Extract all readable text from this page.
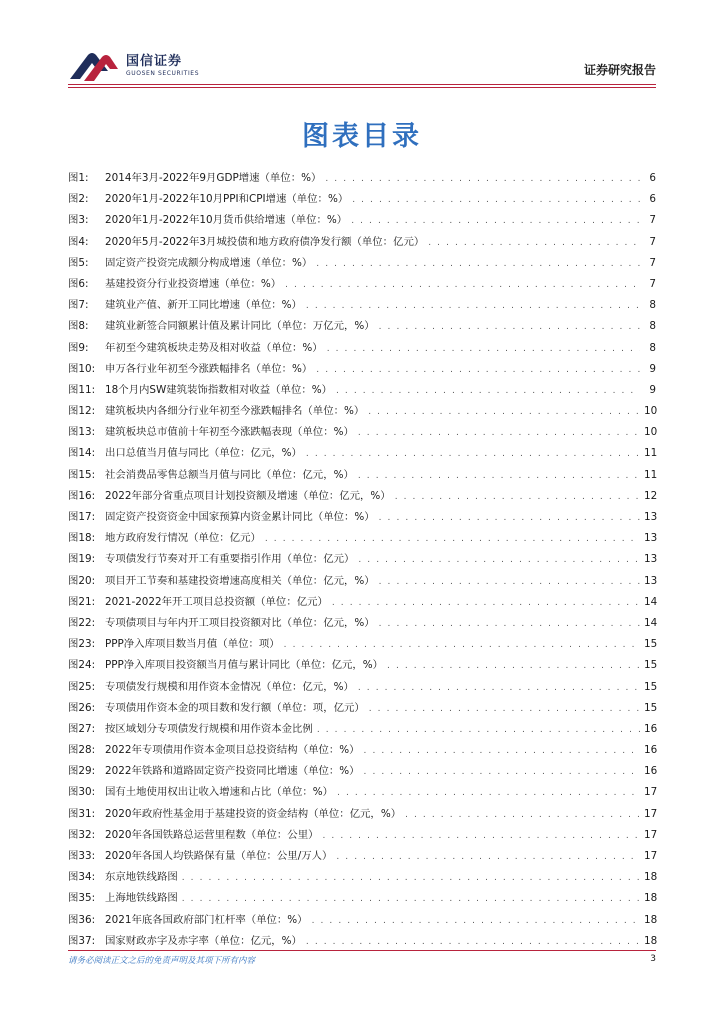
国信证券
GUOSEN SECURITIES	证券研究报告
图表目录
图1:	2014年3月-2022年9月GDP增速（单位：%） . . .	6
图2:	2020年1月-2022年10月PPI和CPI增速（单位：%） . . .	6
图3:	2020年1月-2022年10月货币供给增速（单位：%） . . .	7
图4:	2020年5月-2022年3月城投债和地方政府债净发行额（单位：亿元） . . .	7
图5:	固定资产投资完成额分构成增速（单位：%） . . .	7
图6:	基建投资分行业投资增速（单位：%） . . .	7
图7:	建筑业产值、新开工同比增速（单位：%） . . .	8
图8:	建筑业新签合同额累计值及累计同比（单位：万亿元，%） . . .	8
图9:	年初至今建筑板块走势及相对收益（单位：%） . . .	8
图10: 申万各行业年初至今涨跌幅排名（单位：%） . . .	9
图11: 18个月内SW建筑装饰指数相对收益（单位：%） . . .	9
图12: 建筑板块内各细分行业年初至今涨跌幅排名（单位：%） . . .	10
图13: 建筑板块总市值前十年初至今涨跌幅表现（单位：%） . . .	10
图14: 出口总值当月值与同比（单位：亿元，%） . . .	11
图15: 社会消费品零售总额当月值与同比（单位：亿元，%） . . .	11
图16: 2022年部分省重点项目计划投资额及增速（单位：亿元，%） . . .	12
图17: 固定资产投资资金中国家预算内资金累计同比（单位：%） . . .	13
图18: 地方政府发行情况（单位：亿元） . . .	13
图19: 专项债发行节奏对开工有重要指引作用（单位：亿元） . . .	13
图20: 项目开工节奏和基建投资增速高度相关（单位：亿元，%） . . .	13
图21: 2021-2022年开工项目总投资额（单位：亿元） . . .	14
图22: 专项债项目与年内开工项目投资额对比（单位：亿元，%） . . .	14
图23: PPP净入库项目数当月值（单位：项） . . .	15
图24: PPP净入库项目投资额当月值与累计同比（单位：亿元，%） . . .	15
图25: 专项债发行规模和用作资本金情况（单位：亿元，%） . . .	15
图26: 专项债用作资本金的项目数和发行额（单位：项，亿元） . . .	15
图27: 按区域划分专项债发行规模和用作资本金比例 . . .	16
图28: 2022年专项债用作资本金项目总投资结构（单位：%） . . .	16
图29: 2022年铁路和道路固定资产投资同比增速（单位：%） . . .	16
图30: 国有土地使用权出让收入增速和占比（单位：%） . . .	17
图31: 2020年政府性基金用于基建投资的资金结构（单位：亿元，%） . . .	17
图32: 2020年各国铁路总运营里程数（单位：公里） . . .	17
图33: 2020年各国人均铁路保有量（单位：公里/万人） . . .	17
图34: 东京地铁线路图 . . .	18
图35: 上海地铁线路图 . . .	18
图36: 2021年底各国政府部门杠杆率（单位：%） . . .	18
图37: 国家财政赤字及赤字率（单位：亿元，%） . . .	18
请务必阅读正文之后的免责声明及其项下所有内容	3
